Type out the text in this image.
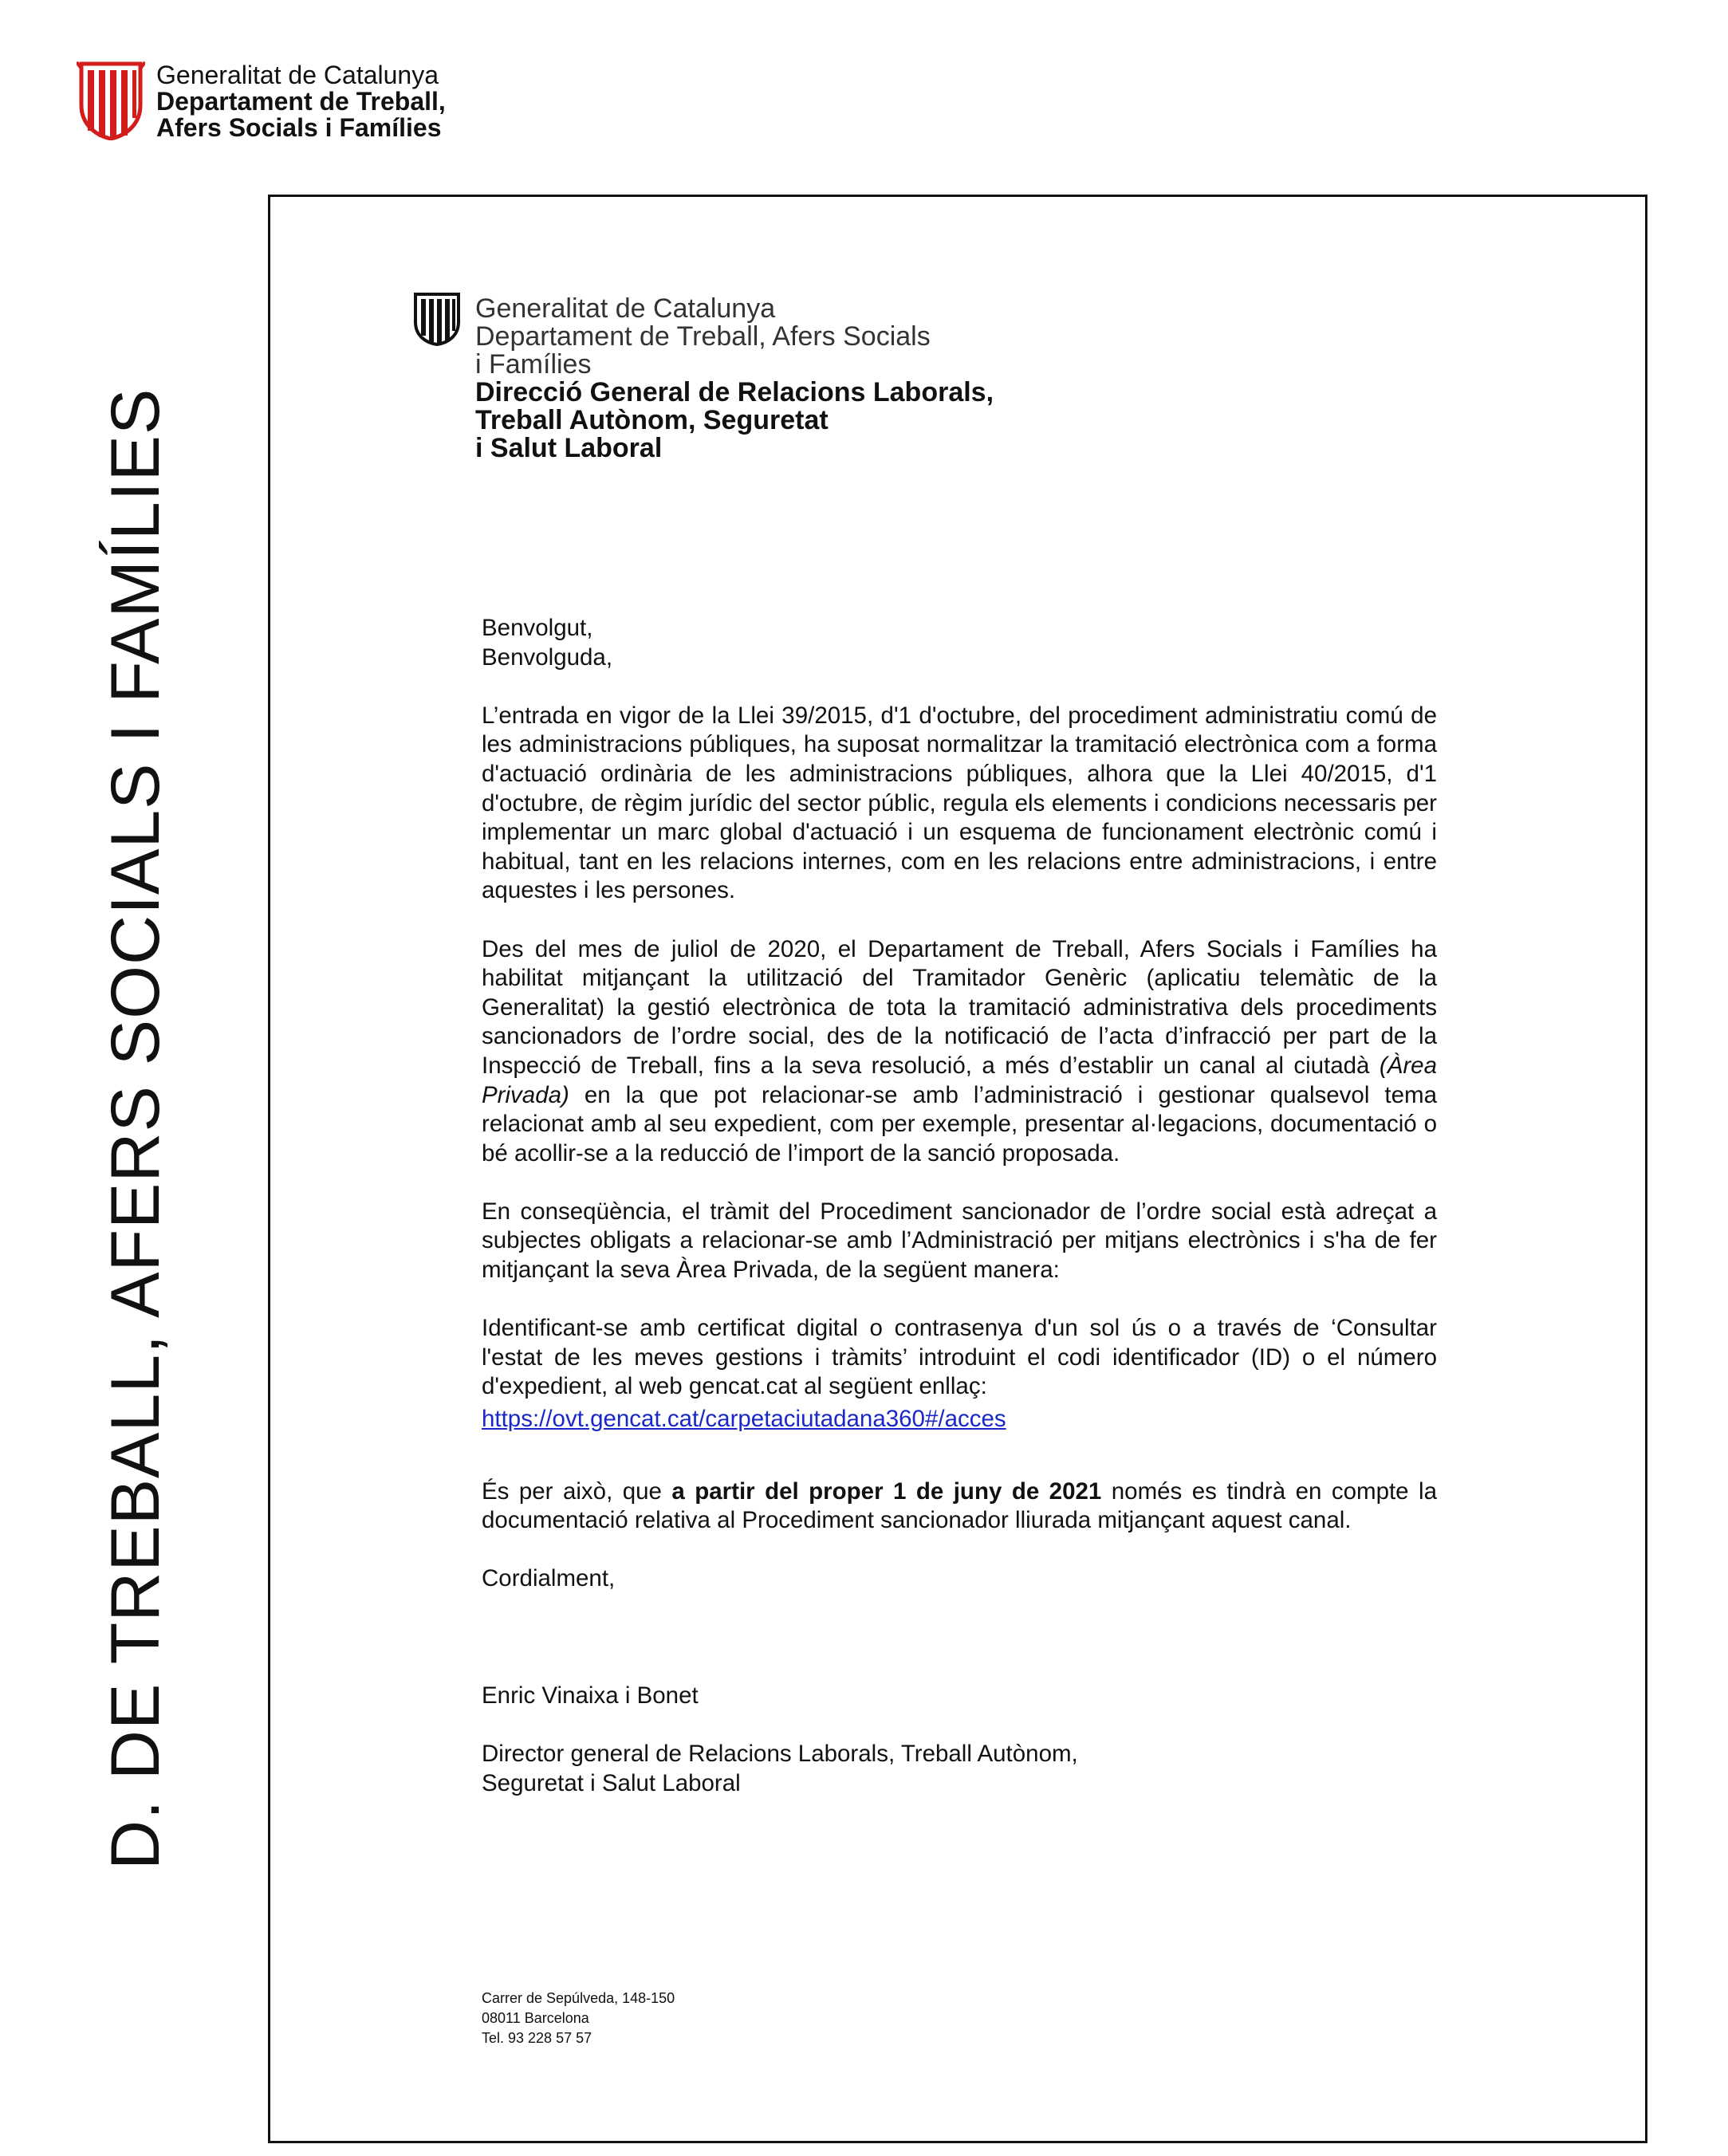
Generalitat de Catalunya
Departament de Treball,
Afers Socials i Famílies
D. DE TREBALL, AFERS SOCIALS I FAMÍLIES
Generalitat de Catalunya
Departament de Treball, Afers Socials
i Famílies
Direcció General de Relacions Laborals,
Treball Autònom, Seguretat
i Salut Laboral

Benvolgut,

Benvolguda,

L’entrada en vigor de la Llei 39/2015, d'1 d'octubre, del procediment administratiu comú de les administracions públiques, ha suposat normalitzar la tramitació electrònica com a forma d'actuació ordinària de les administracions públiques, alhora que la Llei 40/2015, d'1 d'octubre, de règim jurídic del sector públic, regula els elements i condicions necessaris per implementar un marc global d'actuació i un esquema de funcionament electrònic comú i habitual, tant en les relacions internes, com en les relacions entre administracions, i entre aquestes i les persones.

Des del mes de juliol de 2020, el Departament de Treball, Afers Socials i Famílies ha habilitat mitjançant la utilització del Tramitador Genèric (aplicatiu telemàtic de la Generalitat) la gestió electrònica de tota la tramitació administrativa dels procediments sancionadors de l’ordre social, des de la notificació de l’acta d’infracció per part de la Inspecció de Treball, fins a la seva resolució, a més d’establir un canal al ciutadà (Àrea Privada) en la que pot relacionar-se amb l’administració i gestionar qualsevol tema relacionat amb al seu expedient, com per exemple, presentar al·legacions, documentació o bé acollir-se a la reducció de l’import de la sanció proposada.

En conseqüència, el tràmit del Procediment sancionador de l’ordre social està adreçat a subjectes obligats a relacionar-se amb l’Administració per mitjans electrònics i s'ha de fer mitjançant la seva Àrea Privada, de la següent manera:

Identificant-se amb certificat digital o contrasenya d'un sol ús o a través de ‘Consultar l'estat de les meves gestions i tràmits’ introduint el codi identificador (ID) o el número d'expedient, al web gencat.cat al següent enllaç:

https://ovt.gencat.cat/carpetaciutadana360#/acces

És per això, que a partir del proper 1 de juny de 2021 només es tindrà en compte la documentació relativa al Procediment sancionador lliurada mitjançant aquest canal.

Cordialment,

Enric Vinaixa i Bonet

Director general de Relacions Laborals, Treball Autònom,

Seguretat i Salut Laboral

Carrer de Sepúlveda, 148-150
08011 Barcelona
Tel. 93 228 57 57
